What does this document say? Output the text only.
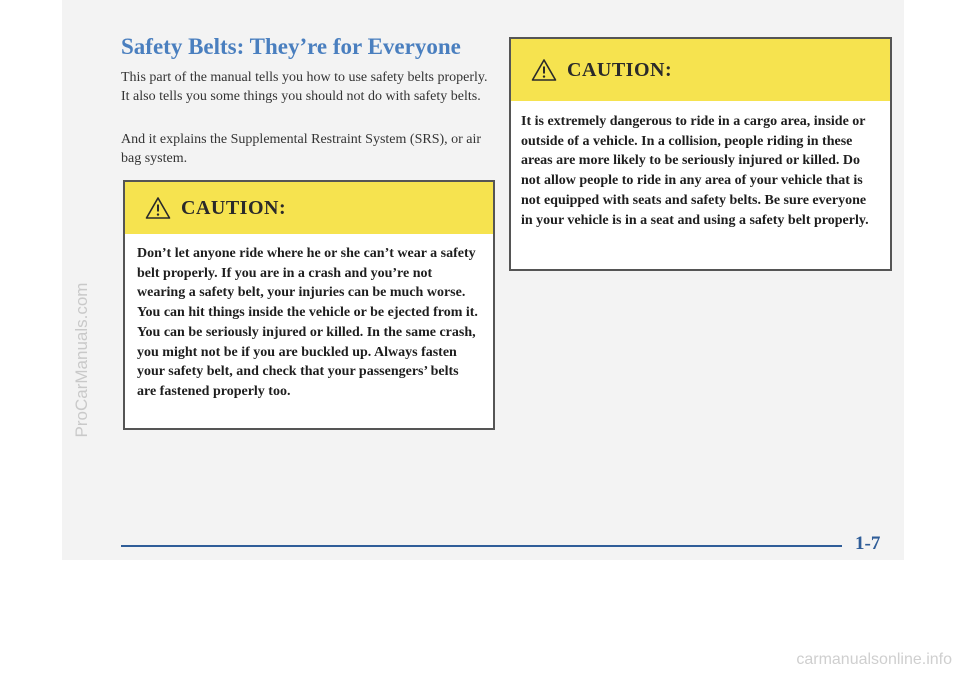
ProCarManuals.com
Safety Belts: They’re for Everyone

This part of the manual tells you how to use safety belts properly. It also tells you some things you should not do with safety belts.

And it explains the Supplemental Restraint System (SRS), or air bag system.

CAUTION:

Don’t let anyone ride where he or she can’t wear a safety belt properly. If you are in a crash and you’re not wearing a safety belt, your injuries can be much worse. You can hit things inside the vehicle or be ejected from it. You can be seriously injured or killed. In the same crash, you might not be if you are buckled up. Always fasten your safety belt, and check that your passengers’ belts are fastened properly too.

CAUTION:

It is extremely dangerous to ride in a cargo area, inside or outside of a vehicle. In a collision, people riding in these areas are more likely to be seriously injured or killed. Do not allow people to ride in any area of your vehicle that is not equipped with seats and safety belts. Be sure everyone in your vehicle is in a seat and using a safety belt properly.

1-7
carmanualsonline.info
